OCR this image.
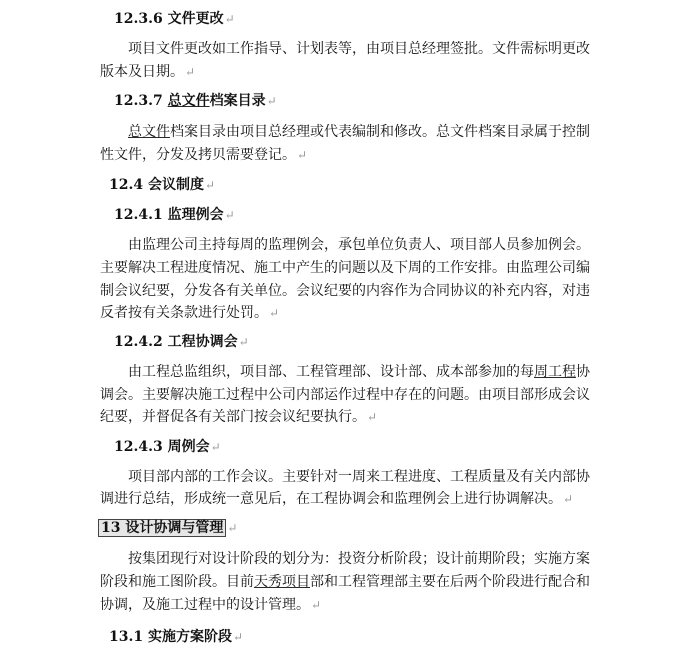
12.3.6 文件更改↵
项目文件更改如工作指导、计划表等，由项目总经理签批。文件需标明更改
版本及日期。↵
12.3.7 总文件档案目录↵
总文件档案目录由项目总经理或代表编制和修改。总文件档案目录属于控制
性文件，分发及拷贝需要登记。↵
12.4 会议制度↵
12.4.1 监理例会↵
由监理公司主持每周的监理例会，承包单位负责人、项目部人员参加例会。
主要解决工程进度情况、施工中产生的问题以及下周的工作安排。由监理公司编
制会议纪要，分发各有关单位。会议纪要的内容作为合同协议的补充内容，对违
反者按有关条款进行处罚。↵
12.4.2 工程协调会↵
由工程总监组织，项目部、工程管理部、设计部、成本部参加的每周工程协
调会。主要解决施工过程中公司内部运作过程中存在的问题。由项目部形成会议
纪要，并督促各有关部门按会议纪要执行。↵
12.4.3 周例会↵
项目部内部的工作会议。主要针对一周来工程进度、工程质量及有关内部协
调进行总结，形成统一意见后，在工程协调会和监理例会上进行协调解决。↵
13 设计协调与管理 ↵
按集团现行对设计阶段的划分为：投资分析阶段；设计前期阶段；实施方案
阶段和施工图阶段。目前天秀项目部和工程管理部主要在后两个阶段进行配合和
协调，及施工过程中的设计管理。↵
13.1 实施方案阶段↵
